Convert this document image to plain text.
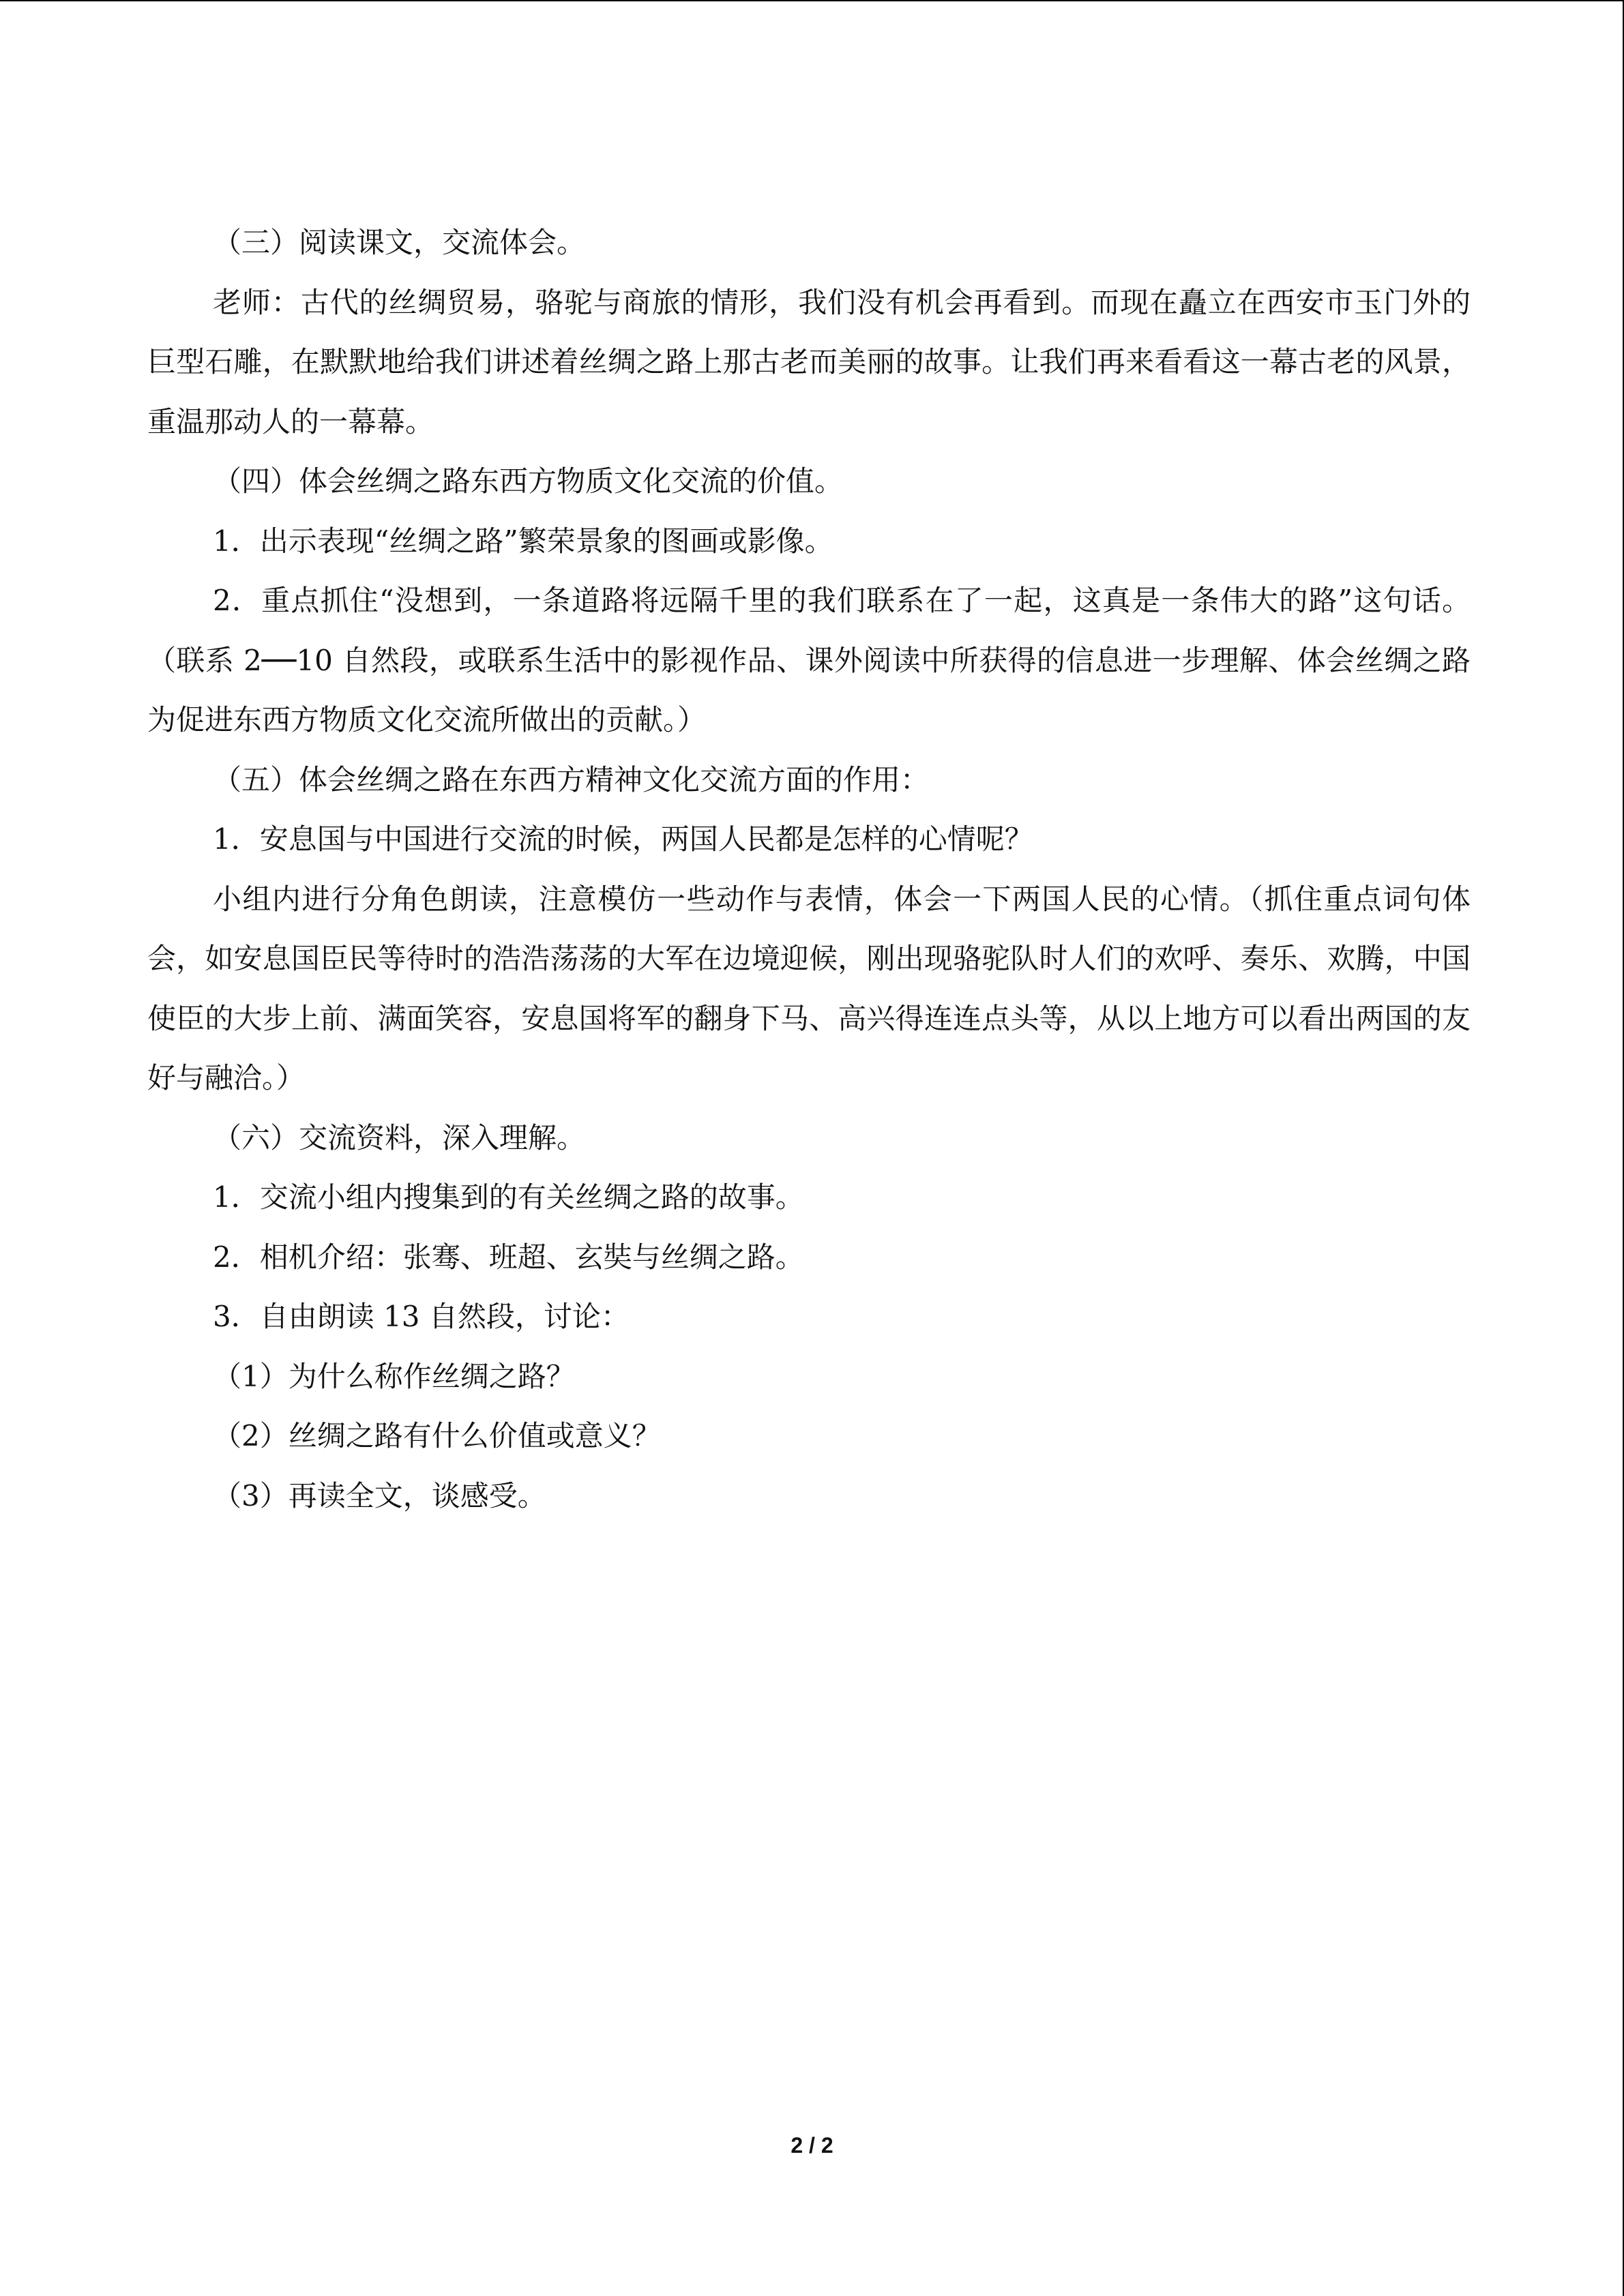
（三）阅读课文，交流体会。

老师：古代的丝绸贸易，骆驼与商旅的情形，我们没有机会再看到。而现在矗立在西安市玉门外的巨型石雕，在默默地给我们讲述着丝绸之路上那古老而美丽的故事。让我们再来看看这一幕古老的风景，重温那动人的一幕幕。

（四）体会丝绸之路东西方物质文化交流的价值。

1．出示表现“丝绸之路”繁荣景象的图画或影像。

2．重点抓住“没想到，一条道路将远隔千里的我们联系在了一起，这真是一条伟大的路”这句话。（联系 2──10 自然段，或联系生活中的影视作品、课外阅读中所获得的信息进一步理解、体会丝绸之路为促进东西方物质文化交流所做出的贡献。）

（五）体会丝绸之路在东西方精神文化交流方面的作用：

1．安息国与中国进行交流的时候，两国人民都是怎样的心情呢？

小组内进行分角色朗读，注意模仿一些动作与表情，体会一下两国人民的心情。（抓住重点词句体会，如安息国臣民等待时的浩浩荡荡的大军在边境迎候，刚出现骆驼队时人们的欢呼、奏乐、欢腾，中国使臣的大步上前、满面笑容，安息国将军的翻身下马、高兴得连连点头等，从以上地方可以看出两国的友好与融洽。）

（六）交流资料，深入理解。

1．交流小组内搜集到的有关丝绸之路的故事。

2．相机介绍：张骞、班超、玄奘与丝绸之路。

3．自由朗读 13 自然段，讨论：

（1）为什么称作丝绸之路？

（2）丝绸之路有什么价值或意义？

（3）再读全文，谈感受。

2 / 2
